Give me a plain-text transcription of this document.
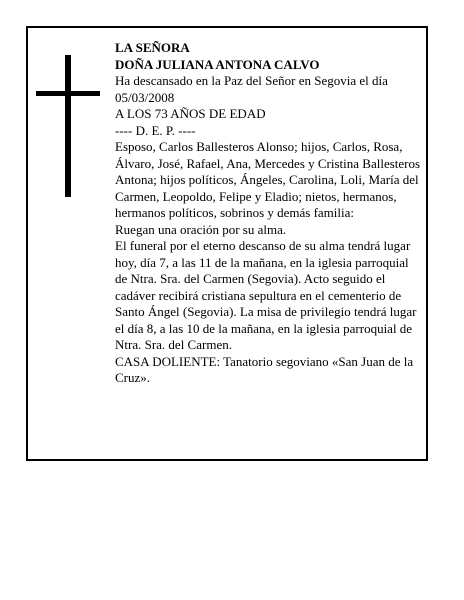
LA SEÑORA

DOÑA JULIANA ANTONA CALVO

Ha descansado en la Paz del Señor en Segovia el día 05/03/2008

A LOS 73 AÑOS DE EDAD

---- D. E. P. ----

Esposo, Carlos Ballesteros Alonso; hijos, Carlos, Rosa, Álvaro, José, Rafael, Ana, Mercedes y Cristina Ballesteros Antona; hijos políticos, Ángeles, Carolina, Loli, María del Carmen, Leopoldo, Felipe y Eladio; nietos, hermanos, hermanos políticos, sobrinos y demás familia:

Ruegan una oración por su alma.

El funeral por el eterno descanso de su alma tendrá lugar hoy, día 7, a las 11 de la mañana, en la iglesia parroquial de Ntra. Sra. del Carmen (Segovia). Acto seguido el cadáver recibirá cristiana sepultura en el cementerio de Santo Ángel (Segovia). La misa de privilegio tendrá lugar el día 8, a las 10 de la mañana, en la iglesia parroquial de Ntra. Sra. del Carmen.

CASA DOLIENTE: Tanatorio segoviano «San Juan de la Cruz».
